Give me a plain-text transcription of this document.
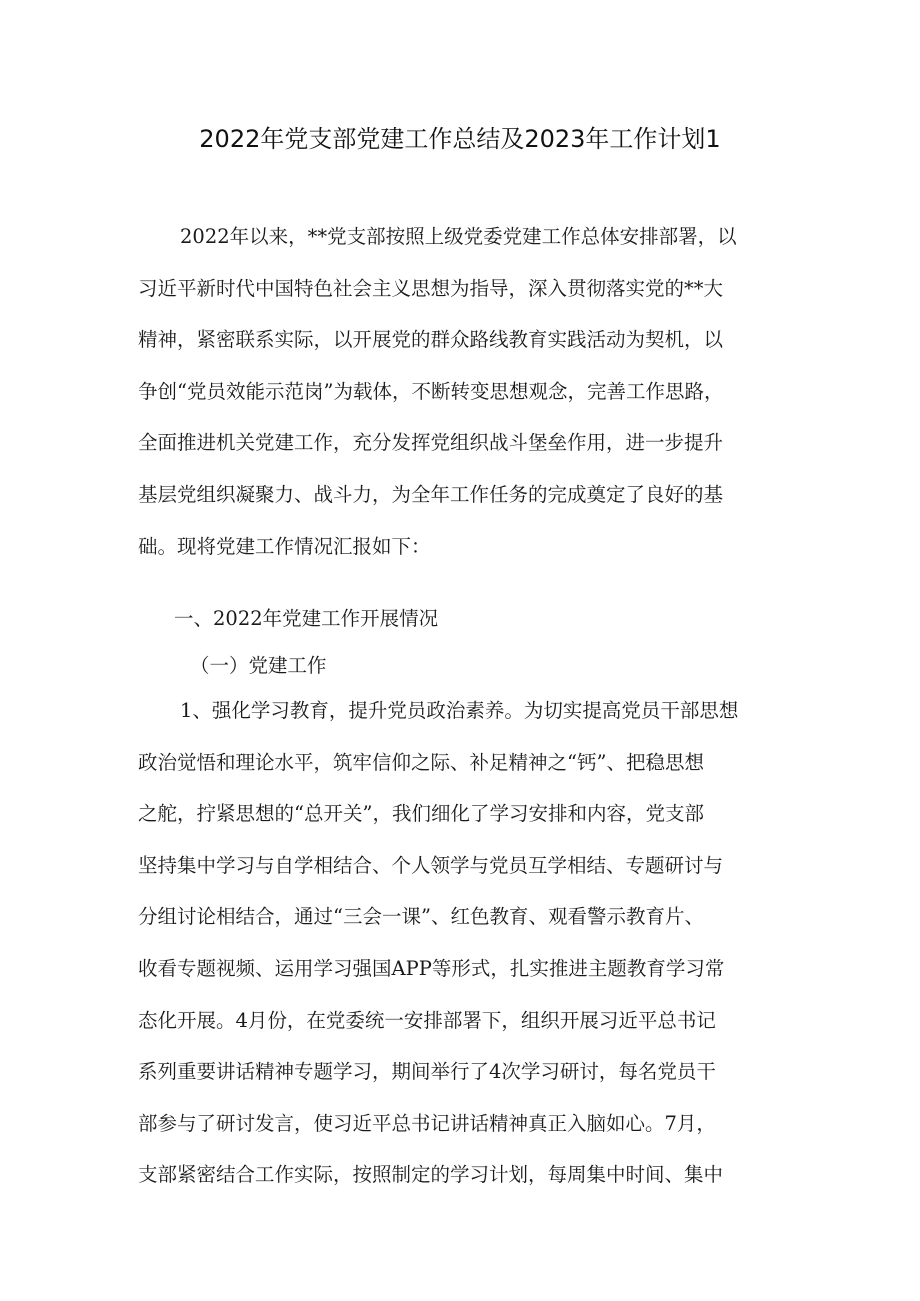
2022年党支部党建工作总结及2023年工作计划1
2022年以来，**党支部按照上级党委党建工作总体安排部署，以
习近平新时代中国特色社会主义思想为指导，深入贯彻落实党的**大
精神，紧密联系实际，以开展党的群众路线教育实践活动为契机，以
争创“党员效能示范岗”为载体，不断转变思想观念，完善工作思路，
全面推进机关党建工作，充分发挥党组织战斗堡垒作用，进一步提升
基层党组织凝聚力、战斗力，为全年工作任务的完成奠定了良好的基
础。现将党建工作情况汇报如下：
一、2022年党建工作开展情况
（一）党建工作
1、强化学习教育，提升党员政治素养。为切实提高党员干部思想
政治觉悟和理论水平，筑牢信仰之际、补足精神之“钙”、把稳思想
之舵，拧紧思想的“总开关”，我们细化了学习安排和内容，党支部
坚持集中学习与自学相结合、个人领学与党员互学相结、专题研讨与
分组讨论相结合，通过“三会一课”、红色教育、观看警示教育片、
收看专题视频、运用学习强国APP等形式，扎实推进主题教育学习常
态化开展。4月份，在党委统一安排部署下，组织开展习近平总书记
系列重要讲话精神专题学习，期间举行了4次学习研讨，每名党员干
部参与了研讨发言，使习近平总书记讲话精神真正入脑如心。7月，
支部紧密结合工作实际，按照制定的学习计划，每周集中时间、集中
